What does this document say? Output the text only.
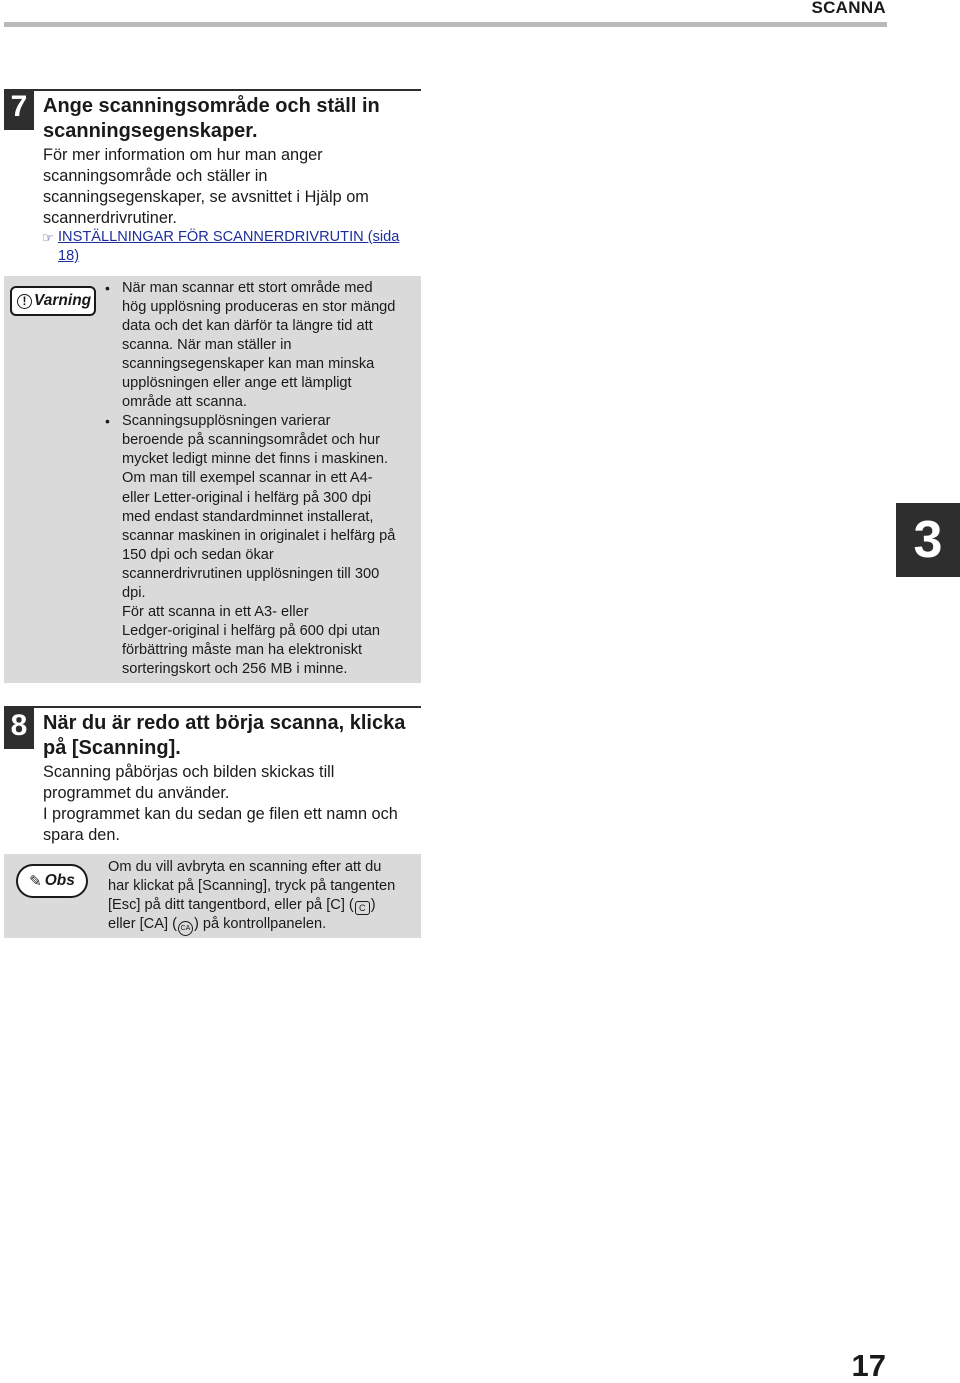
SCANNA
7 Ange scanningsområde och ställ in
scanningsegenskaper.
För mer information om hur man anger
scanningsområde och ställer in
scanningsegenskaper, se avsnittet i Hjälp om
scannerdrivrutiner.
☞ INSTÄLLNINGAR FÖR SCANNERDRIVRUTIN (sida
18)
! Varning
• När man scannar ett stort område med
hög upplösning produceras en stor mängd
data och det kan därför ta längre tid att
scanna. När man ställer in
scanningsegenskaper kan man minska
upplösningen eller ange ett lämpligt
område att scanna.
• Scanningsupplösningen varierar
beroende på scanningsområdet och hur
mycket ledigt minne det finns i maskinen.
Om man till exempel scannar in ett A4-
eller Letter-original i helfärg på 300 dpi
med endast standardminnet installerat,
scannar maskinen in originalet i helfärg på
150 dpi och sedan ökar
scannerdrivrutinen upplösningen till 300
dpi.
För att scanna in ett A3- eller
Ledger-original i helfärg på 600 dpi utan
förbättring måste man ha elektroniskt
sorteringskort och 256 MB i minne.
8 När du är redo att börja scanna, klicka
på [Scanning].
Scanning påbörjas och bilden skickas till
programmet du använder.
I programmet kan du sedan ge filen ett namn och
spara den.
✎ Obs
Om du vill avbryta en scanning efter att du
har klickat på [Scanning], tryck på tangenten
[Esc] på ditt tangentbord, eller på [C] ( C )
eller [CA] ( CA ) på kontrollpanelen.
3
17
